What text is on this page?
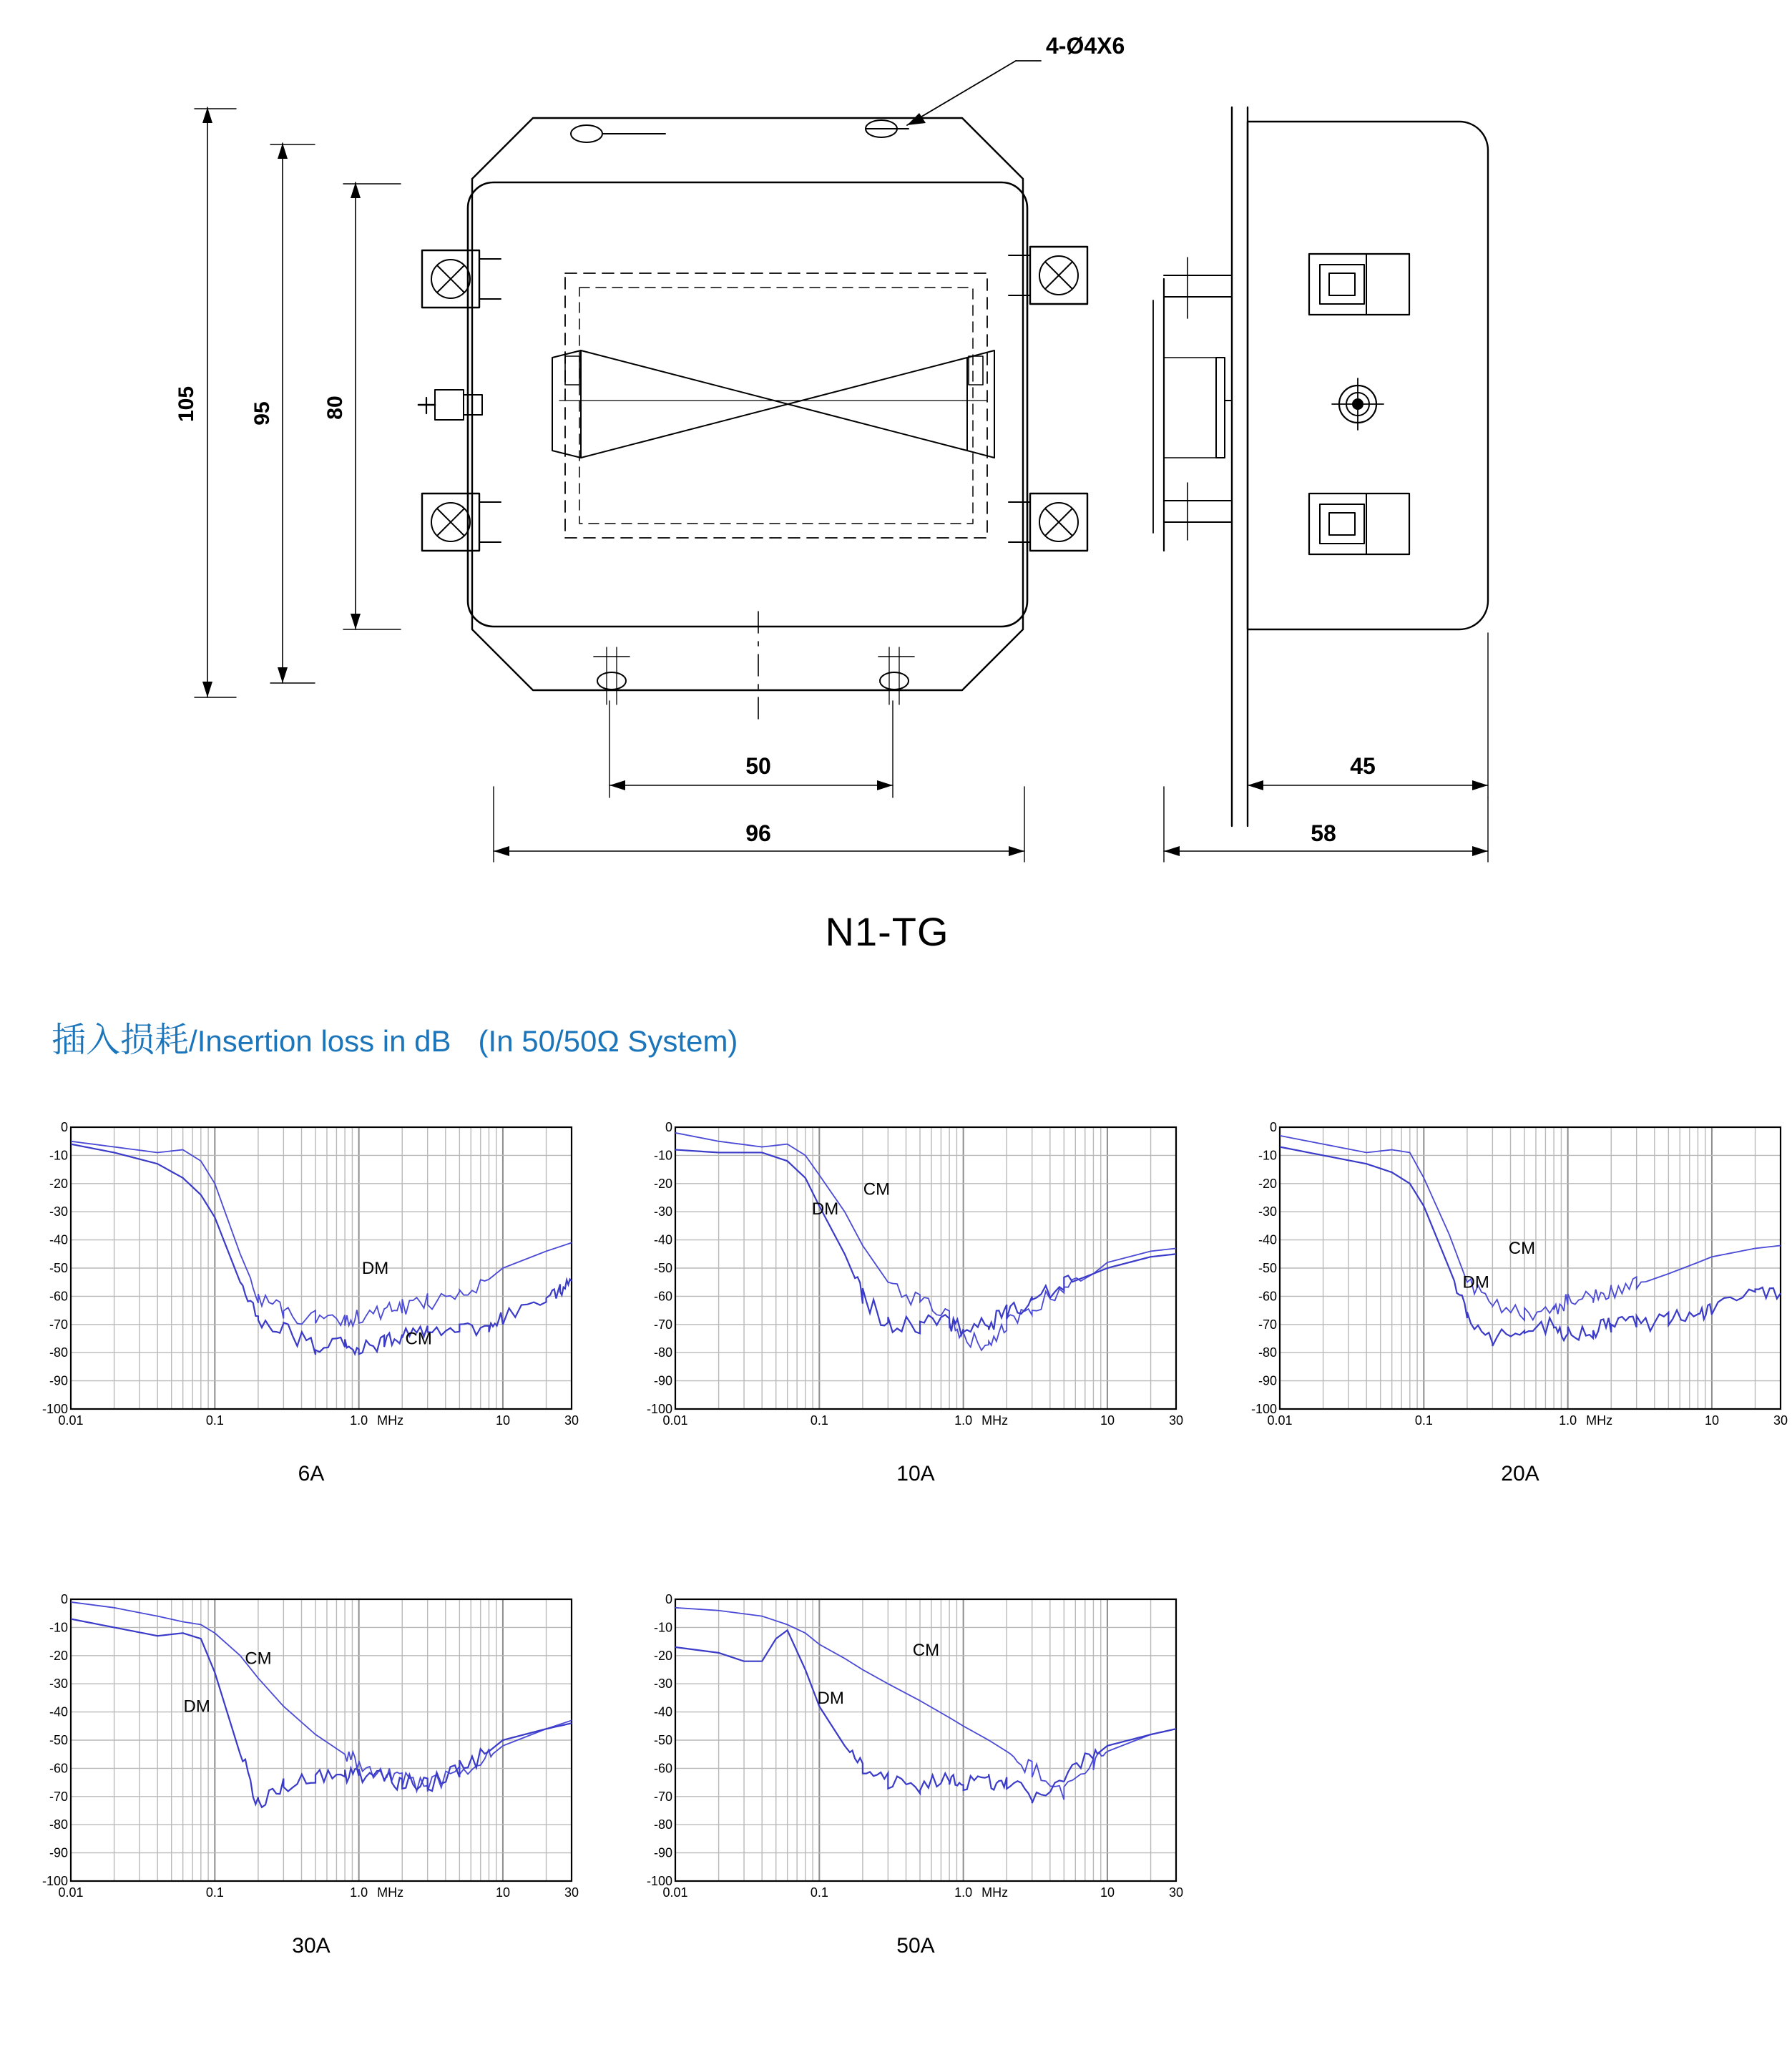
105 95 80
50
96
45
58
4-Ø4X6
N1-TG
插入损耗/Insertion loss in dB (In 50/50Ω System)
0
-10
-20
-30
-40
-50
-60
-70
-80
-90
-100
0.01	0.1	1.0	10	30
MHz
DM
CM
6A
0
-10
-20
-30
-40
-50
-60
-70
-80
-90
-100
0.01	0.1	1.0	10	30
MHz
CM
DM
10A
0
-10
-20
-30
-40
-50
-60
-70
-80
-90
-100
0.01	0.1	1.0	10	30
MHz
CM
DM
20A
0
-10
-20
-30
-40
-50
-60
-70
-80
-90
-100
0.01	0.1	1.0	10	30
MHz
CM
DM
30A
0
-10
-20
-30
-40
-50
-60
-70
-80
-90
-100
0.01	0.1	1.0	10	30
MHz
CM
DM
50A
